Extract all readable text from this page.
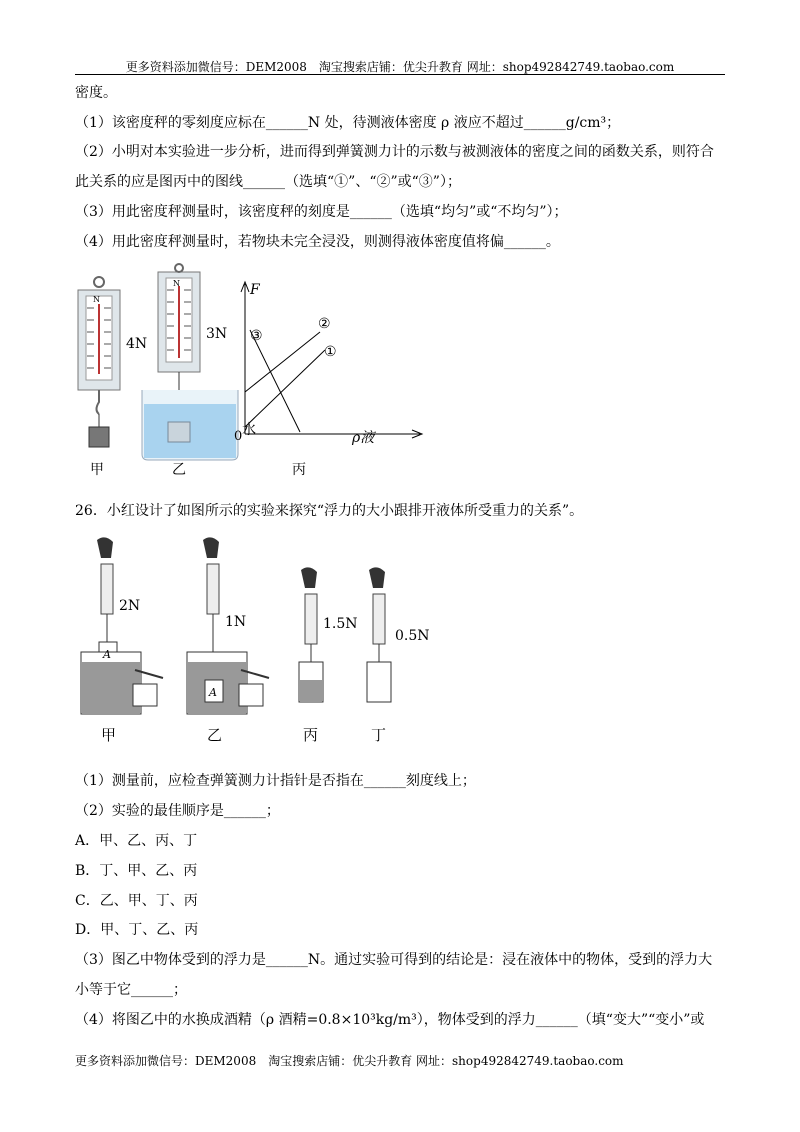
更多资料添加微信号：DEM2008　淘宝搜索店铺：优尖升教育 网址：shop492842749.taobao.com
密度。
（1）该密度秤的零刻度应标在______N 处，待测液体密度 ρ 液应不超过______g/cm³；
（2）小明对本实验进一步分析，进而得到弹簧测力计的示数与被测液体的密度之间的函数关系，则符合
此关系的应是图丙中的图线______（选填“①”、“②”或“③”）；
（3）用此密度秤测量时，该密度秤的刻度是______（选填“均匀”或“不均匀”）；
（4）用此密度秤测量时，若物块未完全浸没，则测得液体密度值将偏______。
N
4N
N
3N
水
F
ρ液
0
②
①
③
甲	乙	丙
26．小红设计了如图所示的实验来探究“浮力的大小跟排开液体所受重力的关系”。
2N
A
1N
A
1.5N
0.5N
甲	乙	丙	丁
（1）测量前，应检查弹簧测力计指针是否指在______刻度线上；
（2）实验的最佳顺序是______；
A．甲、乙、丙、丁
B．丁、甲、乙、丙
C．乙、甲、丁、丙
D．甲、丁、乙、丙
（3）图乙中物体受到的浮力是______N。通过实验可得到的结论是：浸在液体中的物体，受到的浮力大
小等于它______；
（4）将图乙中的水换成酒精（ρ 酒精=0.8×10³kg/m³），物体受到的浮力______（填“变大”“变小”或
更多资料添加微信号：DEM2008　淘宝搜索店铺：优尖升教育 网址：shop492842749.taobao.com
